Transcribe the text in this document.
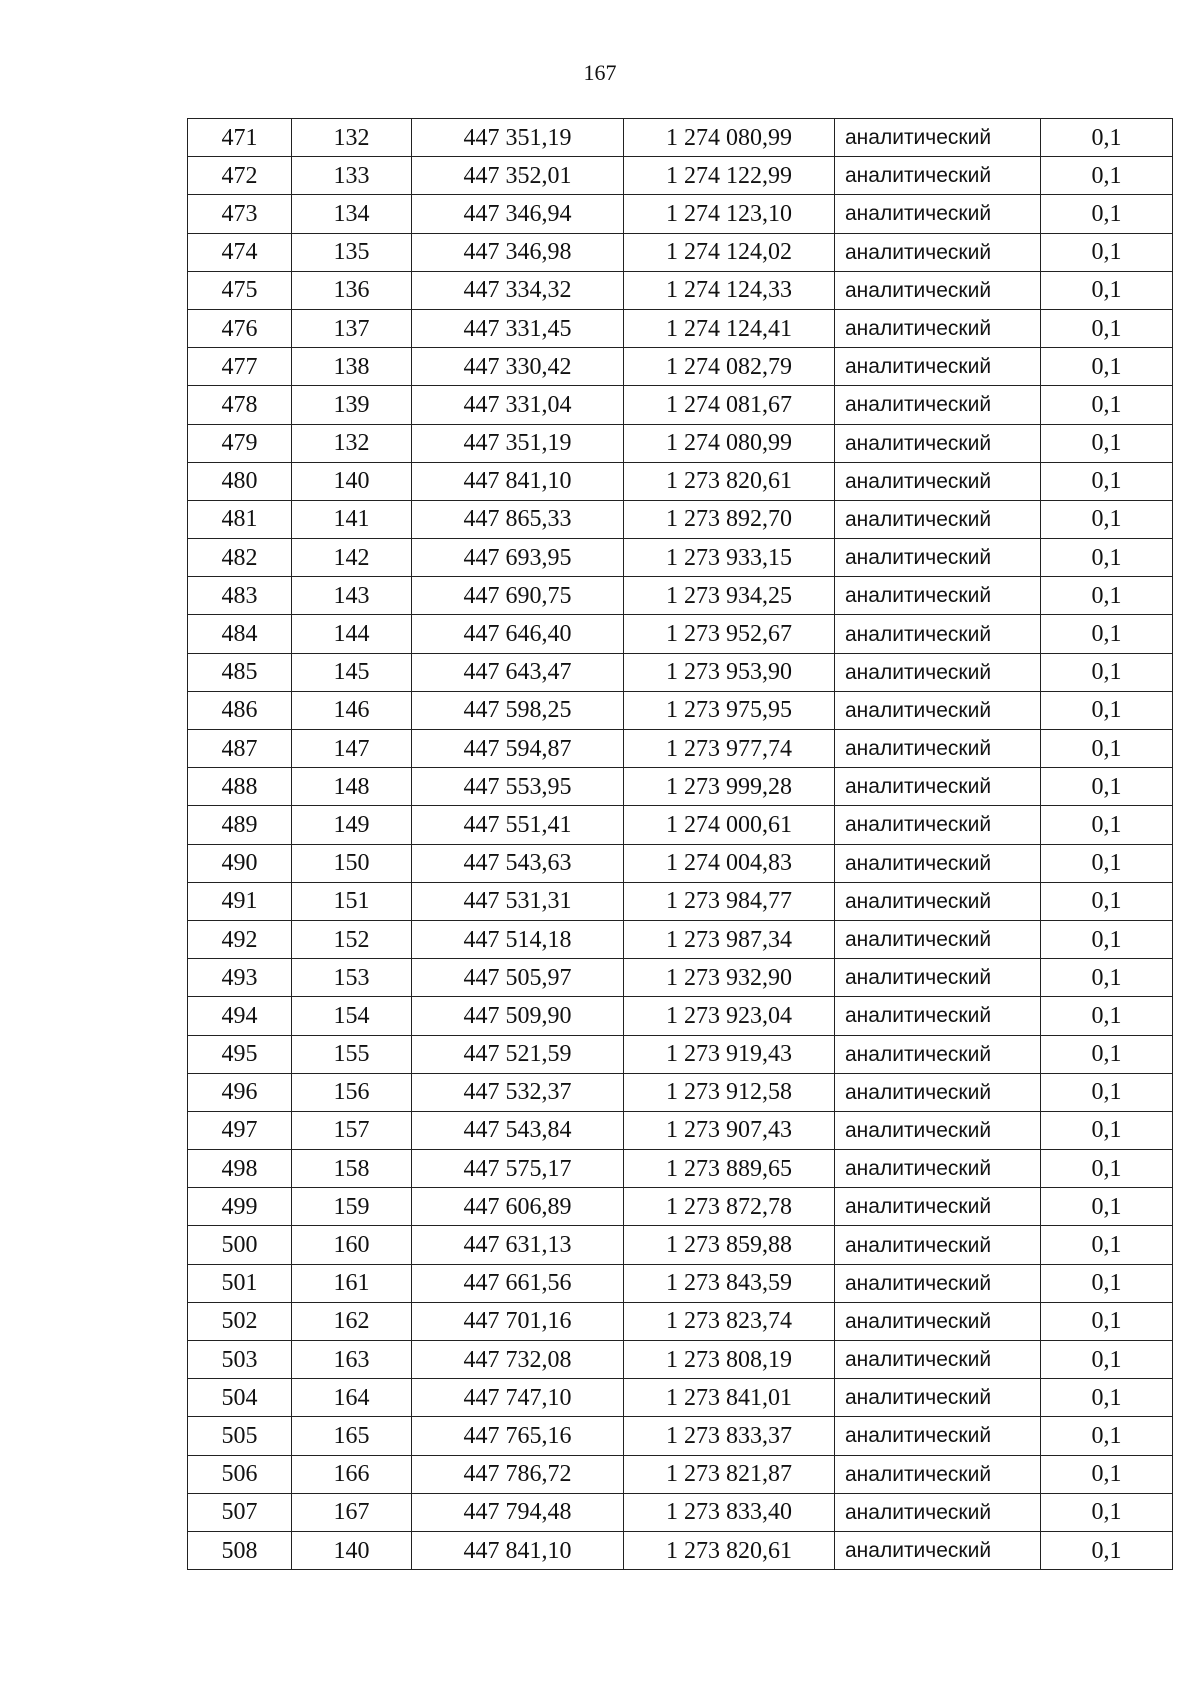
167
471	132	447 351,19	1 274 080,99	аналитический	0,1
472	133	447 352,01	1 274 122,99	аналитический	0,1
473	134	447 346,94	1 274 123,10	аналитический	0,1
474	135	447 346,98	1 274 124,02	аналитический	0,1
475	136	447 334,32	1 274 124,33	аналитический	0,1
476	137	447 331,45	1 274 124,41	аналитический	0,1
477	138	447 330,42	1 274 082,79	аналитический	0,1
478	139	447 331,04	1 274 081,67	аналитический	0,1
479	132	447 351,19	1 274 080,99	аналитический	0,1
480	140	447 841,10	1 273 820,61	аналитический	0,1
481	141	447 865,33	1 273 892,70	аналитический	0,1
482	142	447 693,95	1 273 933,15	аналитический	0,1
483	143	447 690,75	1 273 934,25	аналитический	0,1
484	144	447 646,40	1 273 952,67	аналитический	0,1
485	145	447 643,47	1 273 953,90	аналитический	0,1
486	146	447 598,25	1 273 975,95	аналитический	0,1
487	147	447 594,87	1 273 977,74	аналитический	0,1
488	148	447 553,95	1 273 999,28	аналитический	0,1
489	149	447 551,41	1 274 000,61	аналитический	0,1
490	150	447 543,63	1 274 004,83	аналитический	0,1
491	151	447 531,31	1 273 984,77	аналитический	0,1
492	152	447 514,18	1 273 987,34	аналитический	0,1
493	153	447 505,97	1 273 932,90	аналитический	0,1
494	154	447 509,90	1 273 923,04	аналитический	0,1
495	155	447 521,59	1 273 919,43	аналитический	0,1
496	156	447 532,37	1 273 912,58	аналитический	0,1
497	157	447 543,84	1 273 907,43	аналитический	0,1
498	158	447 575,17	1 273 889,65	аналитический	0,1
499	159	447 606,89	1 273 872,78	аналитический	0,1
500	160	447 631,13	1 273 859,88	аналитический	0,1
501	161	447 661,56	1 273 843,59	аналитический	0,1
502	162	447 701,16	1 273 823,74	аналитический	0,1
503	163	447 732,08	1 273 808,19	аналитический	0,1
504	164	447 747,10	1 273 841,01	аналитический	0,1
505	165	447 765,16	1 273 833,37	аналитический	0,1
506	166	447 786,72	1 273 821,87	аналитический	0,1
507	167	447 794,48	1 273 833,40	аналитический	0,1
508	140	447 841,10	1 273 820,61	аналитический	0,1
